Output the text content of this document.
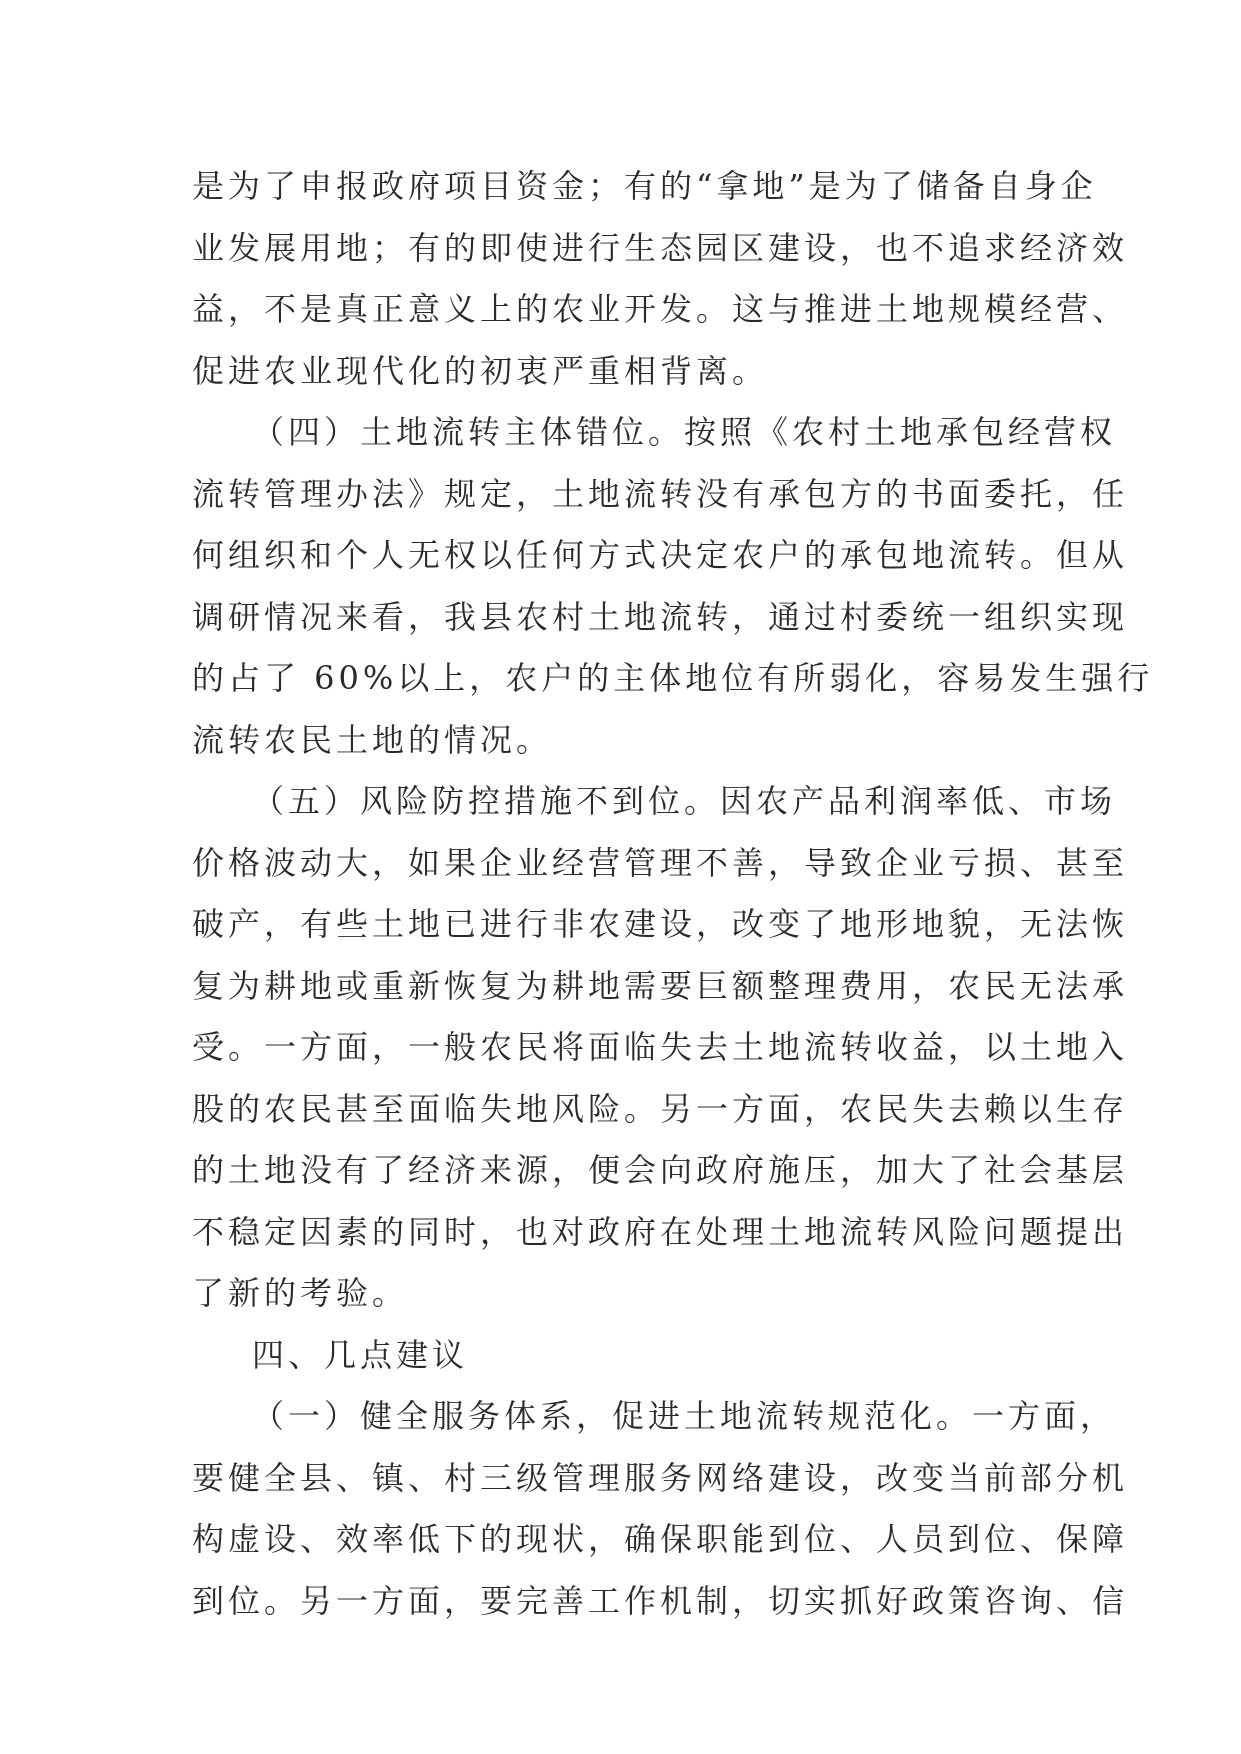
是为了申报政府项目资金；有的“拿地”是为了储备自身企
业发展用地；有的即使进行生态园区建设，也不追求经济效
益，不是真正意义上的农业开发。这与推进土地规模经营、
促进农业现代化的初衷严重相背离。
（四）土地流转主体错位。按照《农村土地承包经营权
流转管理办法》规定，土地流转没有承包方的书面委托，任
何组织和个人无权以任何方式决定农户的承包地流转。但从
调研情况来看，我县农村土地流转，通过村委统一组织实现
的占了 60%以上，农户的主体地位有所弱化，容易发生强行
流转农民土地的情况。
（五）风险防控措施不到位。因农产品利润率低、市场
价格波动大，如果企业经营管理不善，导致企业亏损、甚至
破产，有些土地已进行非农建设，改变了地形地貌，无法恢
复为耕地或重新恢复为耕地需要巨额整理费用，农民无法承
受。一方面，一般农民将面临失去土地流转收益，以土地入
股的农民甚至面临失地风险。另一方面，农民失去赖以生存
的土地没有了经济来源，便会向政府施压，加大了社会基层
不稳定因素的同时，也对政府在处理土地流转风险问题提出
了新的考验。
四、几点建议
（一）健全服务体系，促进土地流转规范化。一方面，
要健全县、镇、村三级管理服务网络建设，改变当前部分机
构虚设、效率低下的现状，确保职能到位、人员到位、保障
到位。另一方面，要完善工作机制，切实抓好政策咨询、信
